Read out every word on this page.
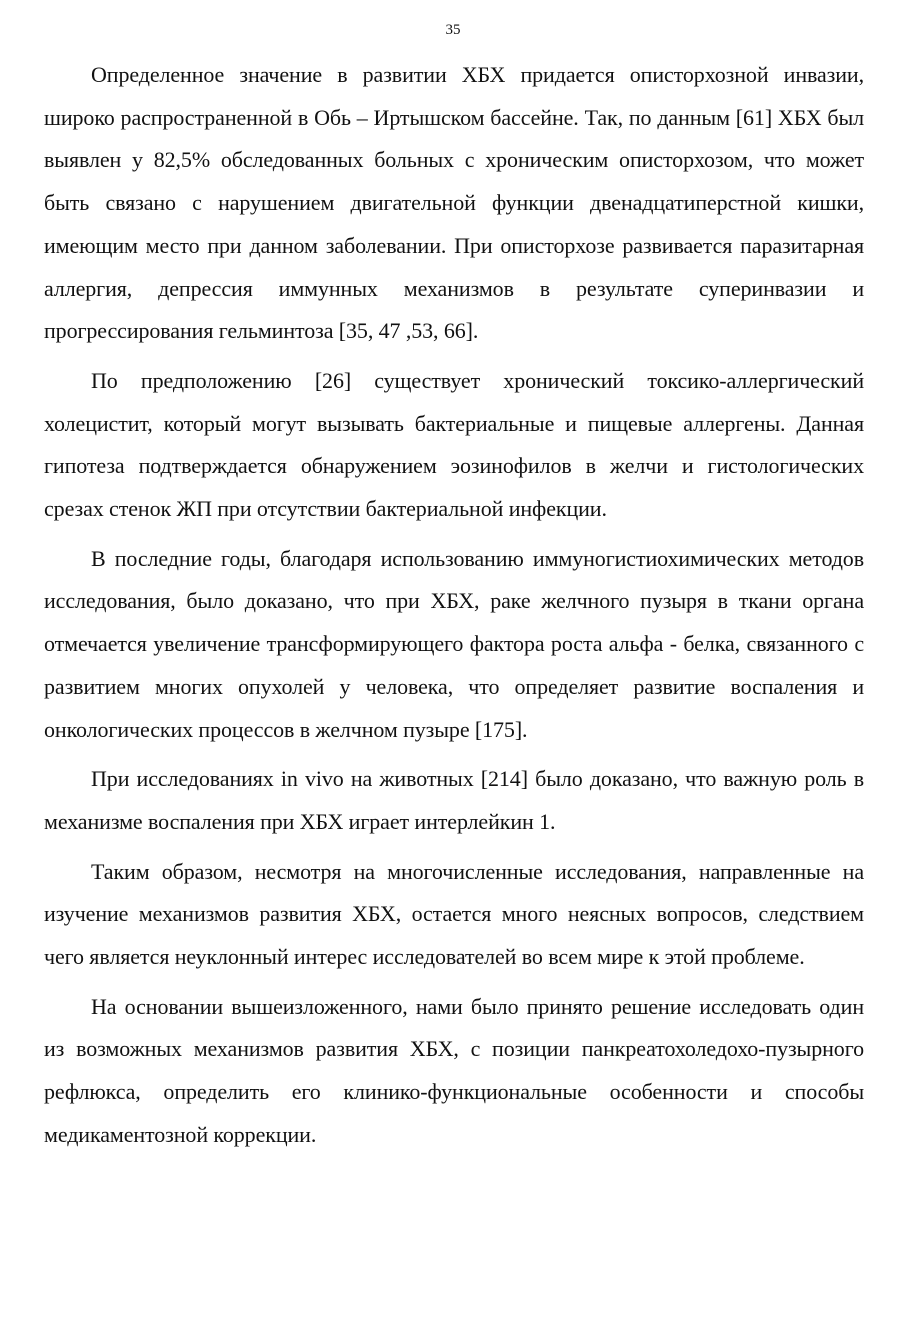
35

Определенное значение в развитии ХБХ придается описторхозной инвазии, широко распространенной в Обь – Иртышском бассейне. Так, по данным [61] ХБХ был выявлен у 82,5% обследованных больных с хроническим описторхозом, что может быть связано с нарушением двигательной функции двенадцатиперстной кишки, имеющим место при данном заболевании. При описторхозе развивается паразитарная аллергия, депрессия иммунных механизмов в результате суперинвазии и прогрессирования гельминтоза [35, 47 ,53, 66].

По предположению [26] существует хронический токсико-аллергический холецистит, который могут вызывать бактериальные и пищевые аллергены. Данная гипотеза подтверждается обнаружением эозинофилов в желчи и гистологических срезах стенок ЖП при отсутствии бактериальной инфекции.

В последние годы, благодаря использованию иммуногистиохимических методов исследования, было доказано, что при ХБХ, раке желчного пузыря в ткани органа отмечается увеличение трансформирующего фактора роста альфа - белка, связанного с развитием многих опухолей у человека, что определяет развитие воспаления и онкологических процессов в желчном пузыре [175].

При исследованиях in vivo на животных [214] было доказано, что важную роль в механизме воспаления при ХБХ играет интерлейкин 1.

Таким образом, несмотря на многочисленные исследования, направленные на изучение механизмов развития ХБХ, остается много неясных вопросов, следствием чего является неуклонный интерес исследователей во всем мире к этой проблеме.

На основании вышеизложенного, нами было принято решение исследовать один из возможных механизмов развития ХБХ, с позиции панкреатохоледохо-пузырного рефлюкса, определить его клинико-функциональные особенности и способы медикаментозной коррекции.
